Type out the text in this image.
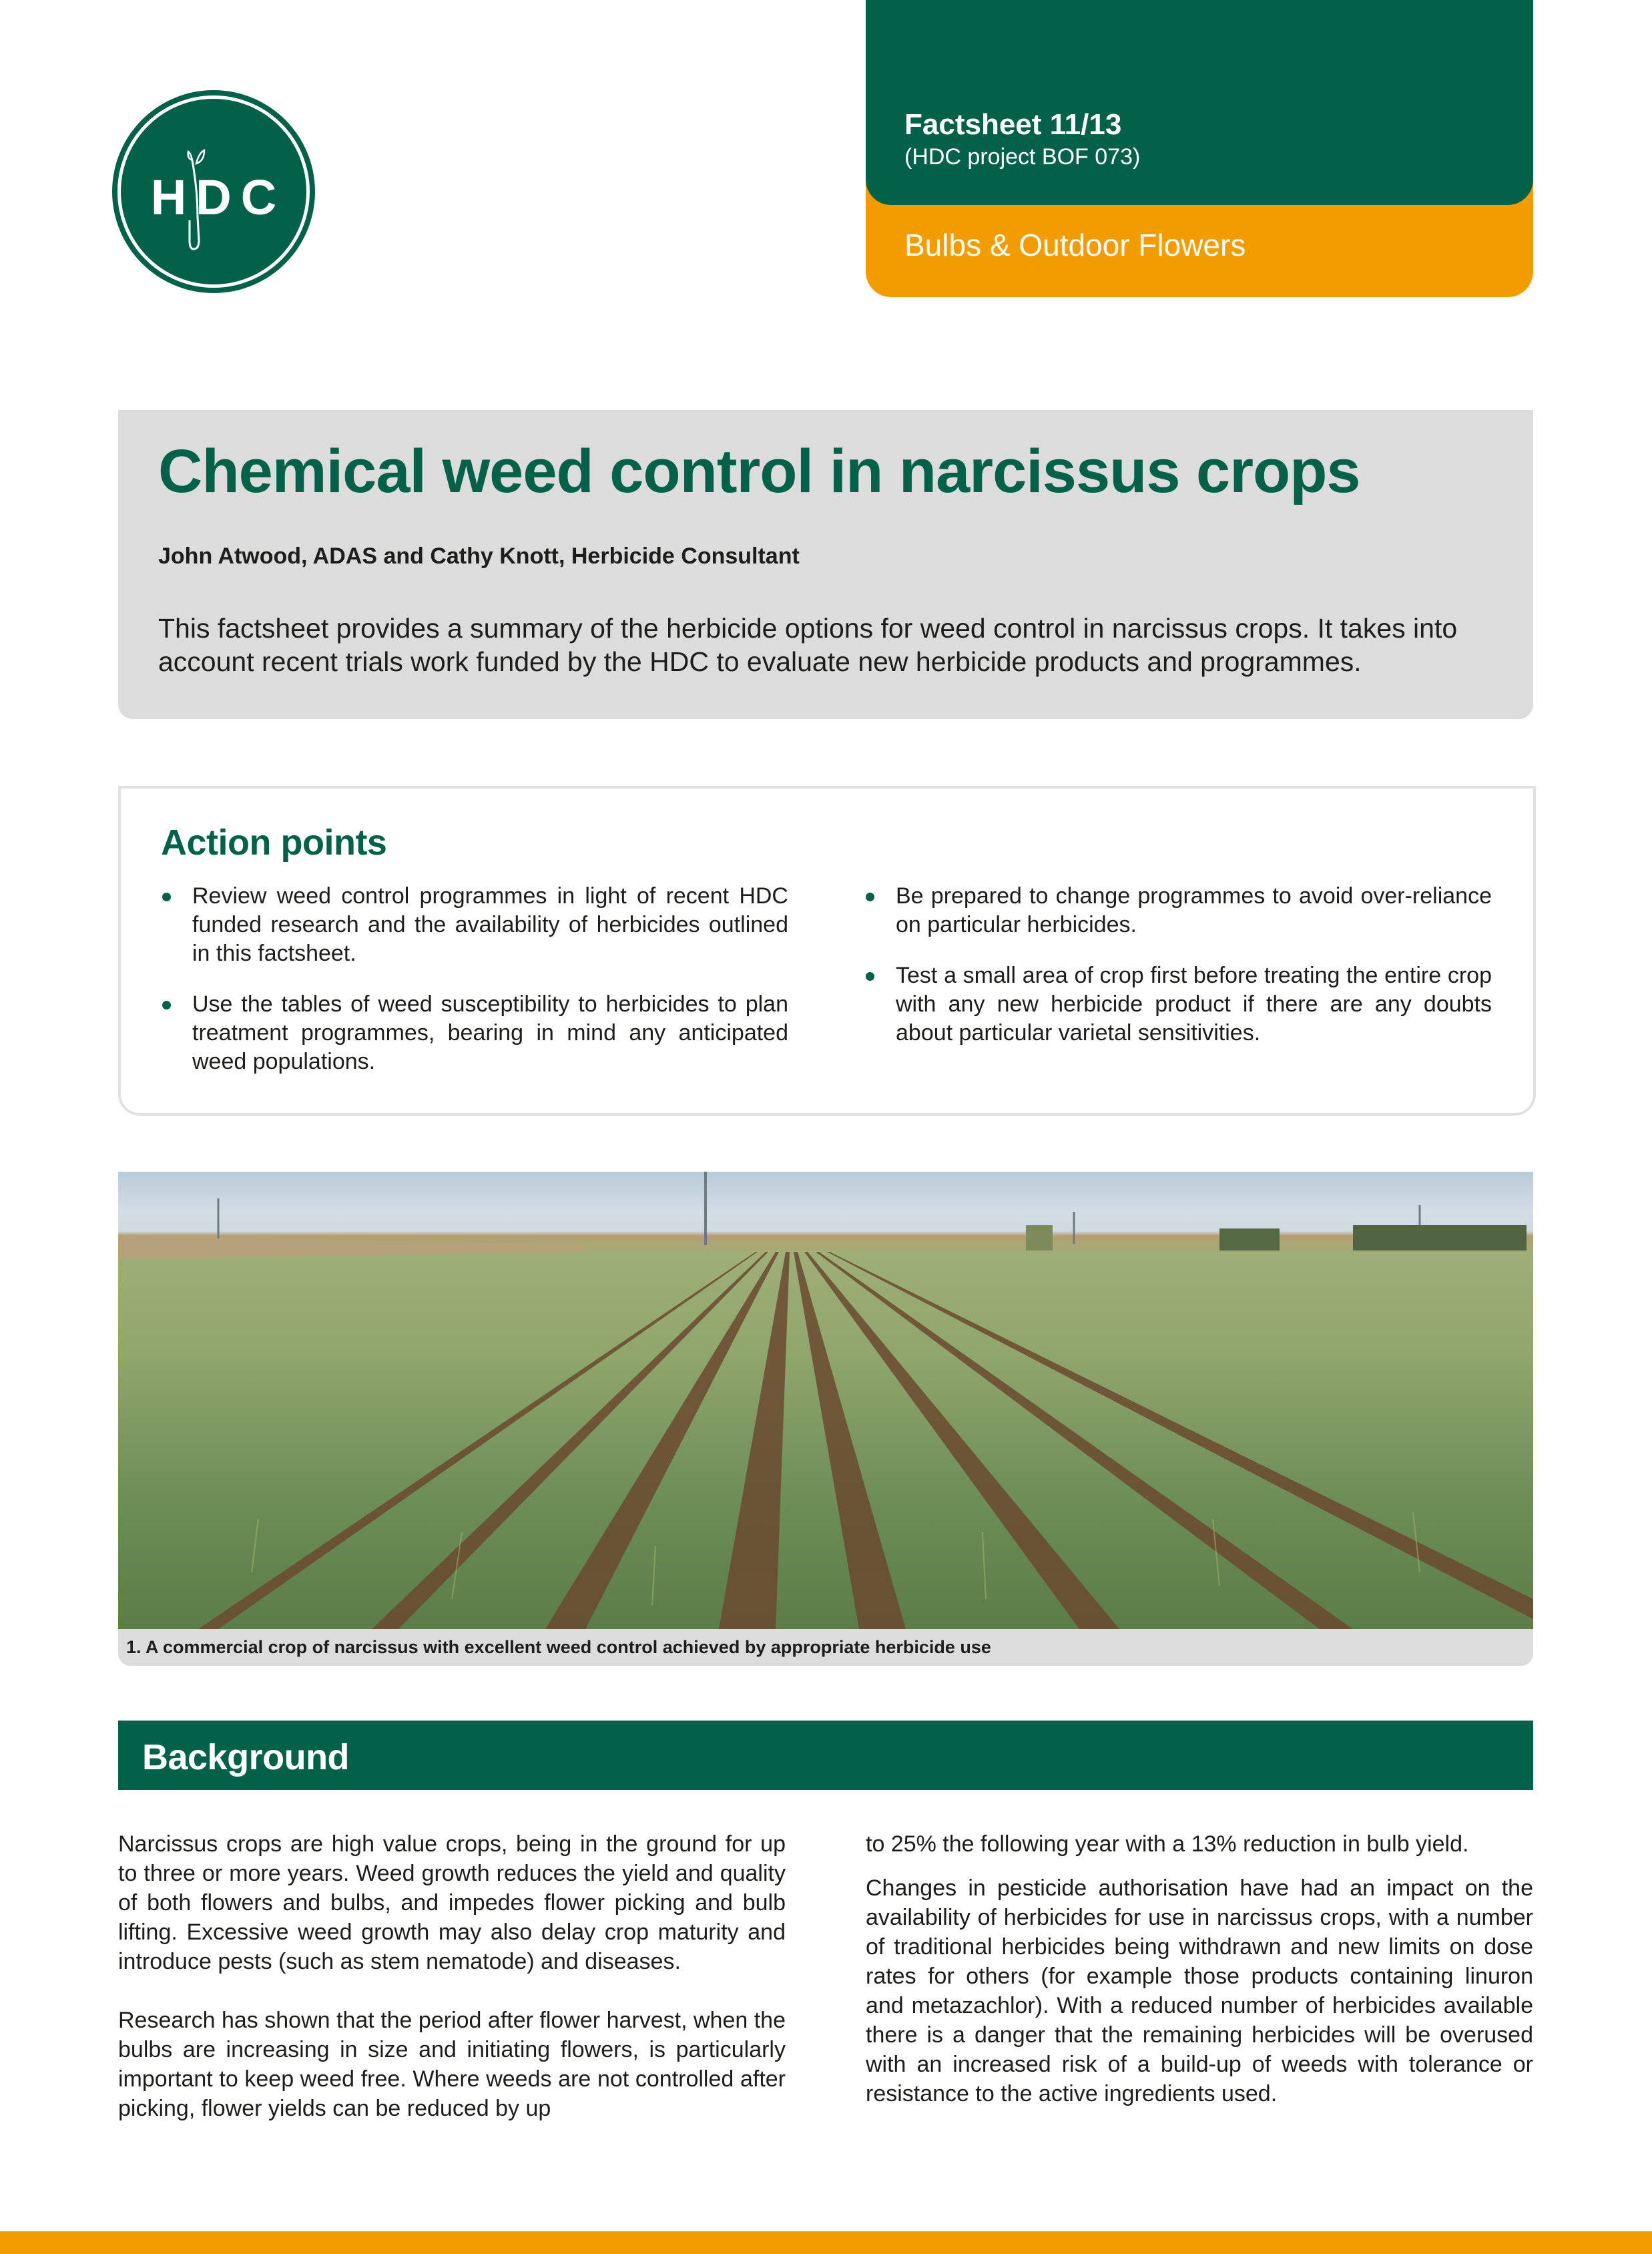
HDC
Factsheet 11/13
(HDC project BOF 073)
Bulbs & Outdoor Flowers
Chemical weed control in narcissus crops
John Atwood, ADAS and Cathy Knott, Herbicide Consultant
This factsheet provides a summary of the herbicide options for weed control in narcissus crops. It takes into account recent trials work funded by the HDC to evaluate new herbicide products and programmes.
Action points
Review weed control programmes in light of recent HDC funded research and the availability of herbicides outlined in this factsheet.
Use the tables of weed susceptibility to herbicides to plan treatment programmes, bearing in mind any anticipated weed populations.
Be prepared to change programmes to avoid over-reliance on particular herbicides.
Test a small area of crop first before treating the entire crop with any new herbicide product if there are any doubts about particular varietal sensitivities.
1. A commercial crop of narcissus with excellent weed control achieved by appropriate herbicide use
Background

Narcissus crops are high value crops, being in the ground for up to three or more years. Weed growth reduces the yield and quality of both flowers and bulbs, and impedes flower picking and bulb lifting. Excessive weed growth may also delay crop maturity and introduce pests (such as stem nematode) and diseases.

Research has shown that the period after flower harvest, when the bulbs are increasing in size and initiating flowers, is particularly important to keep weed free. Where weeds are not controlled after picking, flower yields can be reduced by up

to 25% the following year with a 13% reduction in bulb yield.

Changes in pesticide authorisation have had an impact on the availability of herbicides for use in narcissus crops, with a number of traditional herbicides being withdrawn and new limits on dose rates for others (for example those products containing linuron and metazachlor). With a reduced number of herbicides available there is a danger that the remaining herbicides will be overused with an increased risk of a build-up of weeds with tolerance or resistance to the active ingredients used.
